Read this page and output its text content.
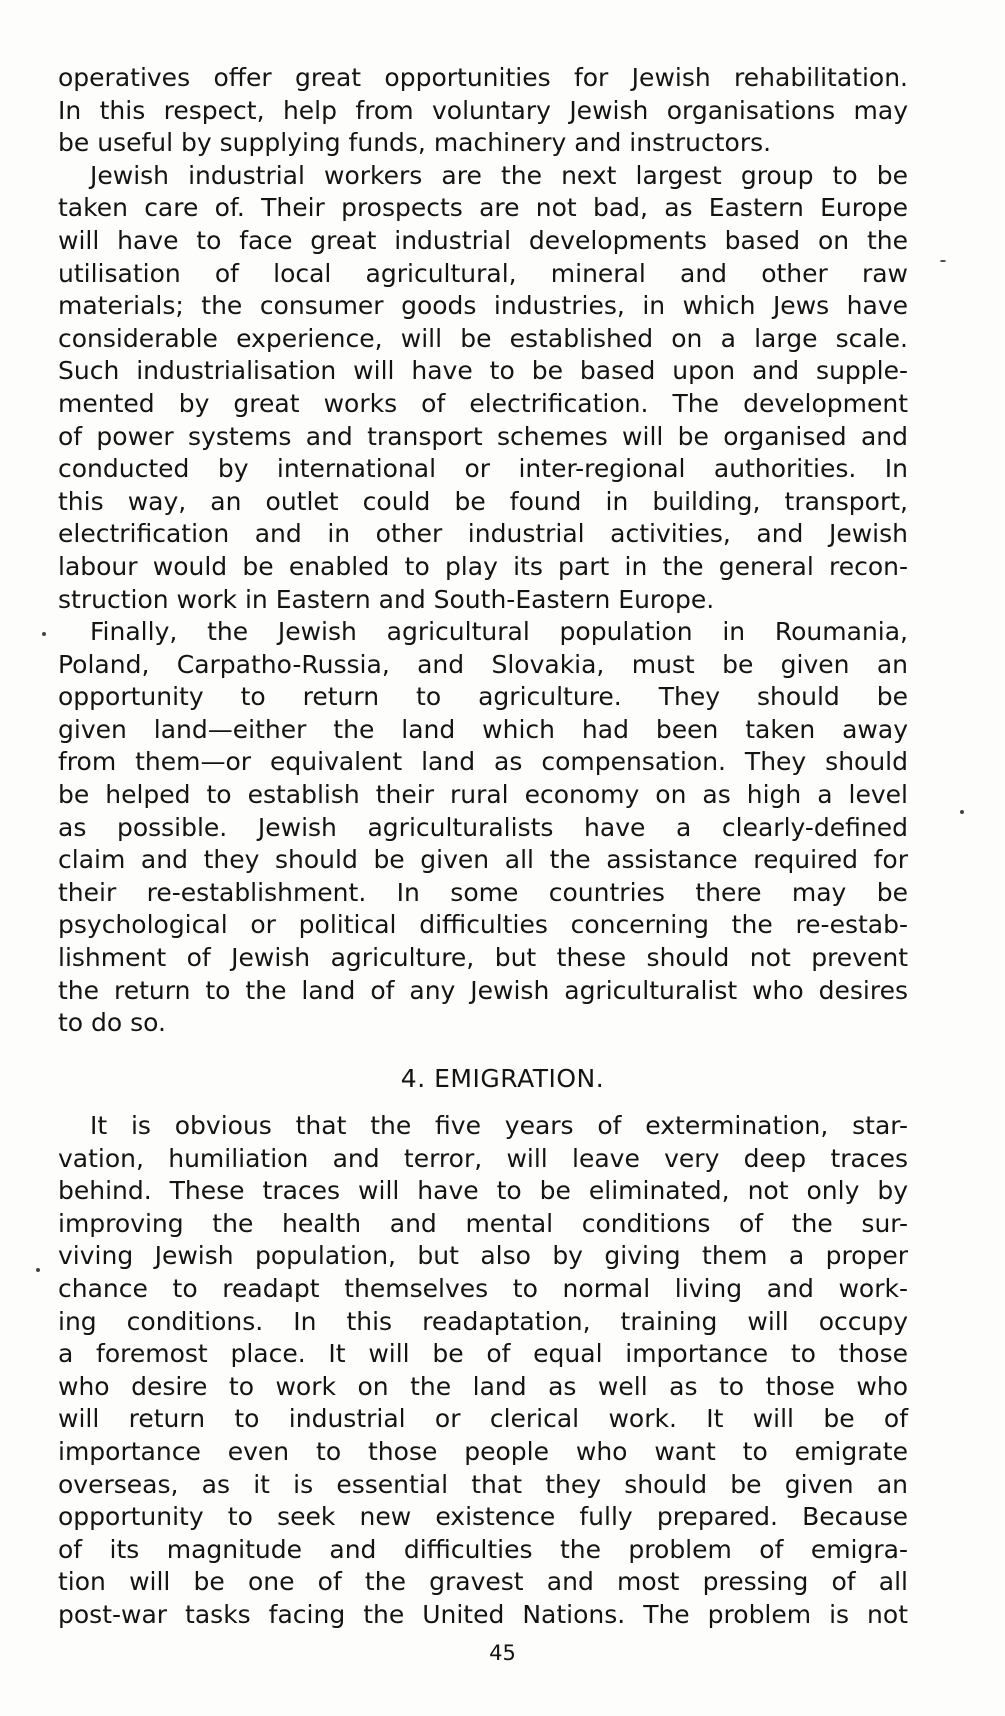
operatives offer great opportunities for Jewish rehabilitation.
In this respect, help from voluntary Jewish organisations may
be useful by supplying funds, machinery and instructors.
Jewish industrial workers are the next largest group to be
taken care of. Their prospects are not bad, as Eastern Europe
will have to face great industrial developments based on the
utilisation of local agricultural, mineral and other raw
materials; the consumer goods industries, in which Jews have
considerable experience, will be established on a large scale.
Such industrialisation will have to be based upon and supple-
mented by great works of electrification. The development
of power systems and transport schemes will be organised and
conducted by international or inter-regional authorities. In
this way, an outlet could be found in building, transport,
electrification and in other industrial activities, and Jewish
labour would be enabled to play its part in the general recon-
struction work in Eastern and South-Eastern Europe.
Finally, the Jewish agricultural population in Roumania,
Poland, Carpatho-Russia, and Slovakia, must be given an
opportunity to return to agriculture. They should be
given land—either the land which had been taken away
from them—or equivalent land as compensation. They should
be helped to establish their rural economy on as high a level
as possible. Jewish agriculturalists have a clearly-defined
claim and they should be given all the assistance required for
their re-establishment. In some countries there may be
psychological or political difficulties concerning the re-estab-
lishment of Jewish agriculture, but these should not prevent
the return to the land of any Jewish agriculturalist who desires
to do so.
4. EMIGRATION.
It is obvious that the five years of extermination, star-
vation, humiliation and terror, will leave very deep traces
behind. These traces will have to be eliminated, not only by
improving the health and mental conditions of the sur-
viving Jewish population, but also by giving them a proper
chance to readapt themselves to normal living and work-
ing conditions. In this readaptation, training will occupy
a foremost place. It will be of equal importance to those
who desire to work on the land as well as to those who
will return to industrial or clerical work. It will be of
importance even to those people who want to emigrate
overseas, as it is essential that they should be given an
opportunity to seek new existence fully prepared. Because
of its magnitude and difficulties the problem of emigra-
tion will be one of the gravest and most pressing of all
post-war tasks facing the United Nations. The problem is not
45
